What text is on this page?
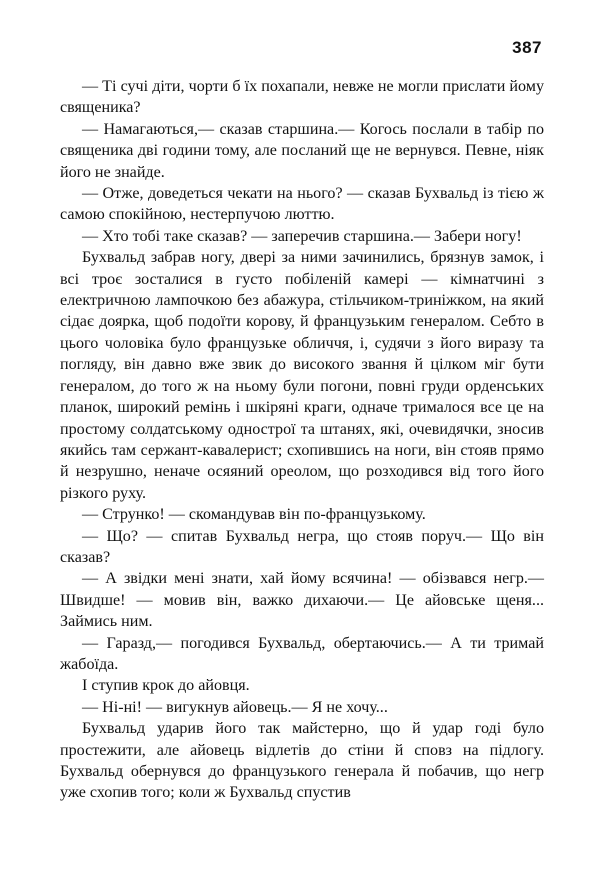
387

— Ті сучі діти, чорти б їх похапали, невже не могли прислати йому священика?

— Намагаються,— сказав старшина.— Когось послали в табір по священика дві години тому, але посланий ще не вернувся. Певне, ніяк його не знайде.

— Отже, доведеться чекати на нього? — сказав Бухвальд із тією ж самою спокійною, нестерпучою люттю.

— Хто тобі таке сказав? — заперечив старшина.— Забери ногу!

Бухвальд забрав ногу, двері за ними зачинились, брязнув замок, і всі троє зосталися в густо побіленій камері — кімнатчині з електричною лампочкою без абажура, стільчиком-триніжком, на який сідає доярка, щоб подоїти корову, й французьким генералом. Себто в цього чоловіка було французьке обличчя, і, судячи з його виразу та погляду, він давно вже звик до високого звання й цілком міг бути генералом, до того ж на ньому були погони, повні груди орденських планок, широкий ремінь і шкіряні краги, одначе трималося все це на простому солдатському однострої та штанях, які, очевидячки, зносив якийсь там сержант-кавалерист; схопившись на ноги, він стояв прямо й незрушно, неначе осяяний ореолом, що розходився від того його різкого руху.

— Струнко! — скомандував він по-французькому.

— Що? — спитав Бухвальд негра, що стояв поруч.— Що він сказав?

— А звідки мені знати, хай йому всячина! — обізвався негр.— Швидше! — мовив він, важко дихаючи.— Це айовське щеня... Займись ним.

— Гаразд,— погодився Бухвальд, обертаючись.— А ти тримай жабоїда.

І ступив крок до айовця.

— Ні-ні! — вигукнув айовець.— Я не хочу...

Бухвальд ударив його так майстерно, що й удар годі було простежити, але айовець відлетів до стіни й сповз на підлогу. Бухвальд обернувся до французького генерала й побачив, що негр уже схопив того; коли ж Бухвальд спустив
